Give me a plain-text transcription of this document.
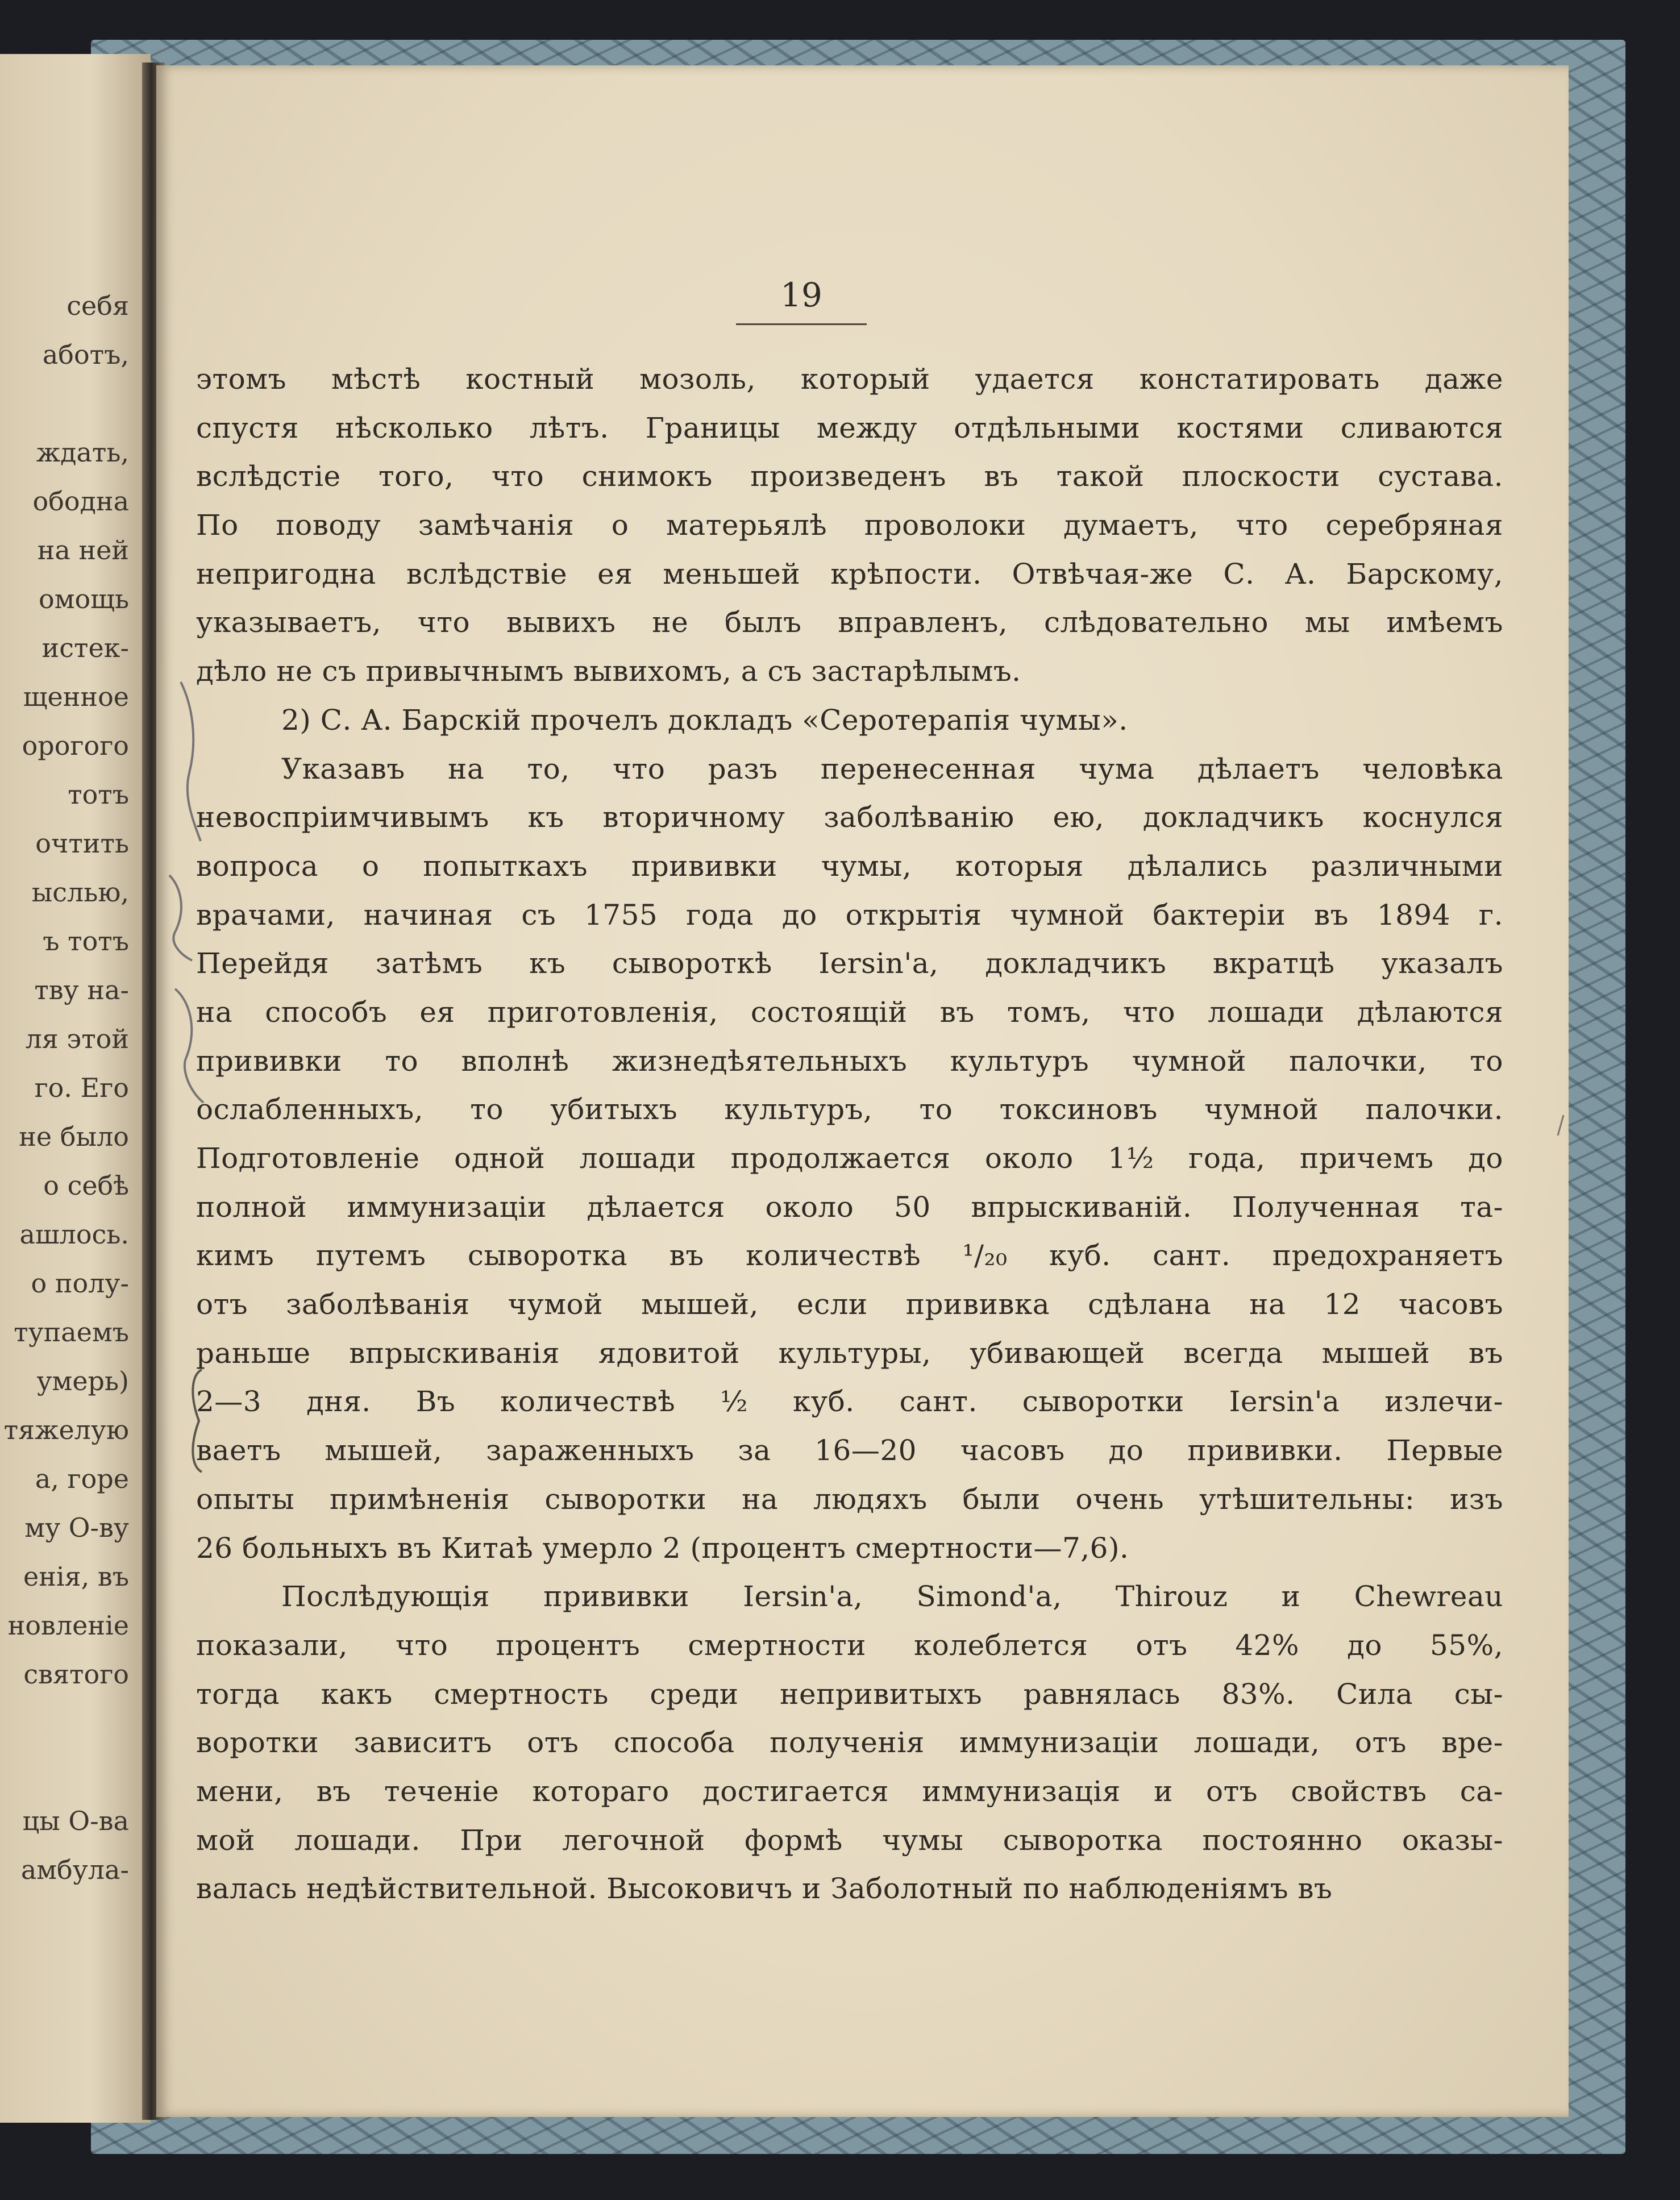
себя
аботъ,

ждать,
ободна
на ней
омощь
истек-
щенное
орогого
тотъ
очтить
ыслью,
ъ тотъ
тву на-
ля этой
го. Его
не было
о себѣ
ашлось.
о полу-
тупаемъ
умерь)
тяжелую
а, горе
му О-ву
енія, въ
новленіе
святого

цы О-ва
амбула-
19
этомъ мѣстѣ костный мозоль, который удается констатировать даже
спустя нѣсколько лѣтъ. Границы между отдѣльными костями сливаются
вслѣдстіе того, что снимокъ произведенъ въ такой плоскости сустава.
По поводу замѣчанія о матерьялѣ проволоки думаетъ, что серебряная
непригодна вслѣдствіе ея меньшей крѣпости. Отвѣчая-же С. А. Барскому,
указываетъ, что вывихъ не былъ вправленъ, слѣдовательно мы имѣемъ
дѣло не съ привычнымъ вывихомъ, а съ застарѣлымъ.
2) С. А. Барскій прочелъ докладъ «Серотерапія чумы».
Указавъ на то, что разъ перенесенная чума дѣлаетъ человѣка
невоспріимчивымъ къ вторичному заболѣванію ею, докладчикъ коснулся
вопроса о попыткахъ прививки чумы, которыя дѣлались различными
врачами, начиная съ 1755 года до открытія чумной бактеріи въ 1894 г.
Перейдя затѣмъ къ сывороткѣ Iersin'а, докладчикъ вкратцѣ указалъ
на способъ ея приготовленія, состоящій въ томъ, что лошади дѣлаются
прививки то вполнѣ жизнедѣятельныхъ культуръ чумной палочки, то
ослабленныхъ, то убитыхъ культуръ, то токсиновъ чумной палочки.
Подготовленіе одной лошади продолжается около 1½ года, причемъ до
полной иммунизаціи дѣлается около 50 впрыскиваній. Полученная та-
кимъ путемъ сыворотка въ количествѣ ¹/₂₀ куб. сант. предохраняетъ
отъ заболѣванія чумой мышей, если прививка сдѣлана на 12 часовъ
раньше впрыскиванія ядовитой культуры, убивающей всегда мышей въ
2—3 дня. Въ количествѣ ½ куб. сант. сыворотки Iersin'а излечи-
ваетъ мышей, зараженныхъ за 16—20 часовъ до прививки. Первые
опыты примѣненія сыворотки на людяхъ были очень утѣшительны: изъ
26 больныхъ въ Китаѣ умерло 2 (процентъ смертности—7,6).
Послѣдующія прививки Iersin'а, Simond'а, Thirouz и Chewreau
показали, что процентъ смертности колеблется отъ 42% до 55%,
тогда какъ смертность среди непривитыхъ равнялась 83%. Сила сы-
воротки зависитъ отъ способа полученія иммунизаціи лошади, отъ вре-
мени, въ теченіе котораго достигается иммунизація и отъ свойствъ са-
мой лошади. При легочной формѣ чумы сыворотка постоянно оказы-
валась недѣйствительной. Высоковичъ и Заболотный по наблюденіямъ въ
